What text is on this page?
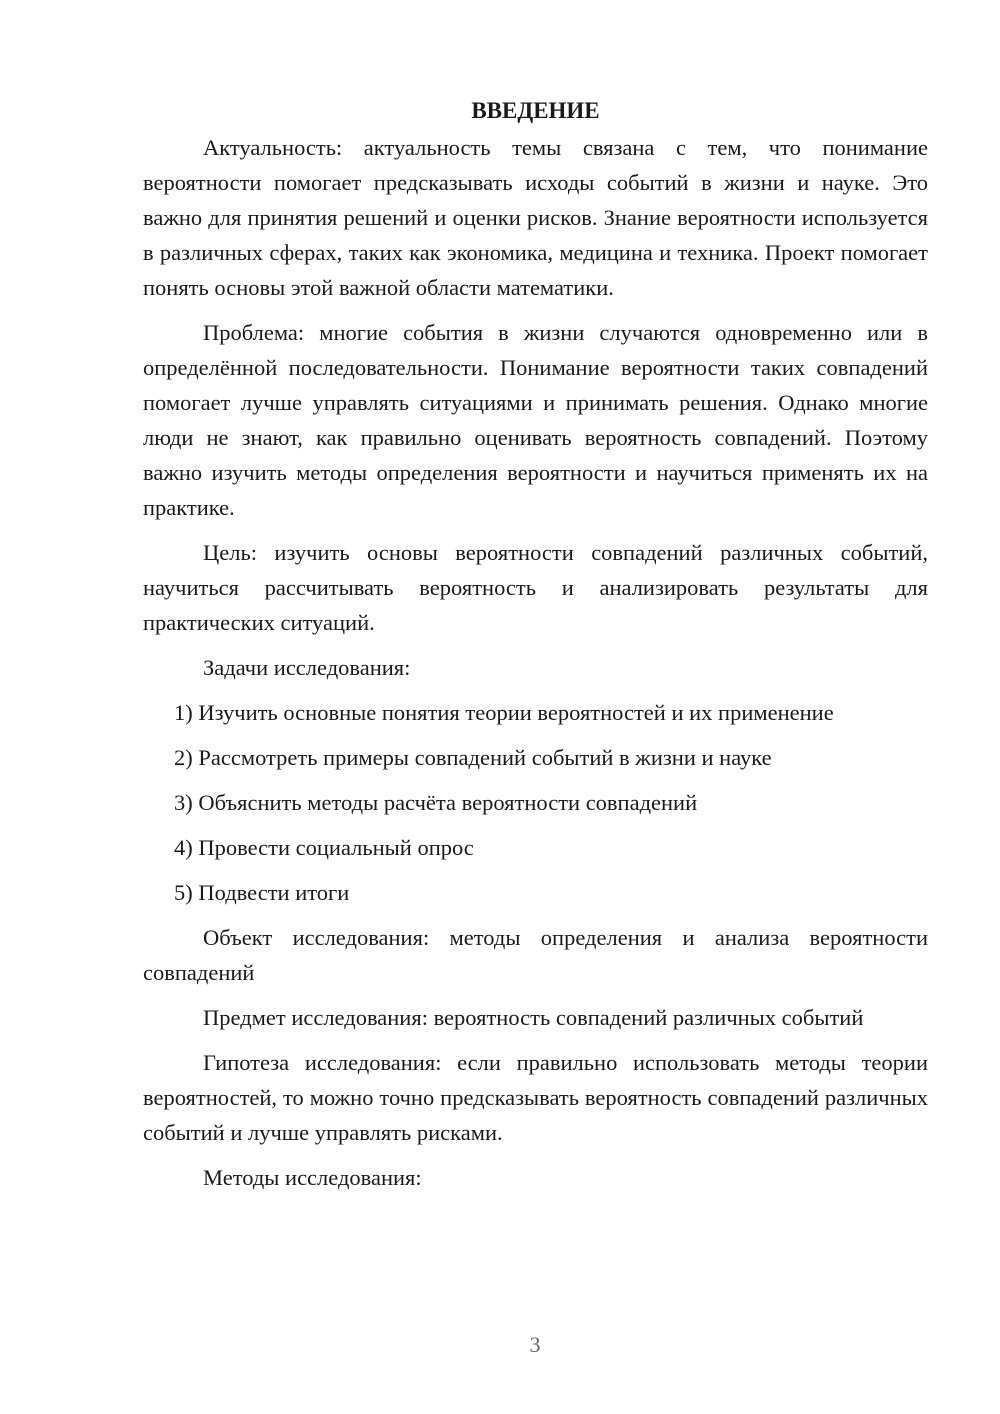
ВВЕДЕНИЕ

Актуальность: актуальность темы связана с тем, что понимание вероятности помогает предсказывать исходы событий в жизни и науке. Это важно для принятия решений и оценки рисков. Знание вероятности используется в различных сферах, таких как экономика, медицина и техника. Проект помогает понять основы этой важной области математики.

Проблема: многие события в жизни случаются одновременно или в определённой последовательности. Понимание вероятности таких совпадений помогает лучше управлять ситуациями и принимать решения. Однако многие люди не знают, как правильно оценивать вероятность совпадений. Поэтому важно изучить методы определения вероятности и научиться применять их на практике.

Цель: изучить основы вероятности совпадений различных событий, научиться рассчитывать вероятность и анализировать результаты для практических ситуаций.

Задачи исследования:

1) Изучить основные понятия теории вероятностей и их применение
2) Рассмотреть примеры совпадений событий в жизни и науке
3) Объяснить методы расчёта вероятности совпадений
4) Провести социальный опрос
5) Подвести итоги

Объект исследования: методы определения и анализа вероятности совпадений

Предмет исследования: вероятность совпадений различных событий

Гипотеза исследования: если правильно использовать методы теории вероятностей, то можно точно предсказывать вероятность совпадений различных событий и лучше управлять рисками.

Методы исследования:

3
